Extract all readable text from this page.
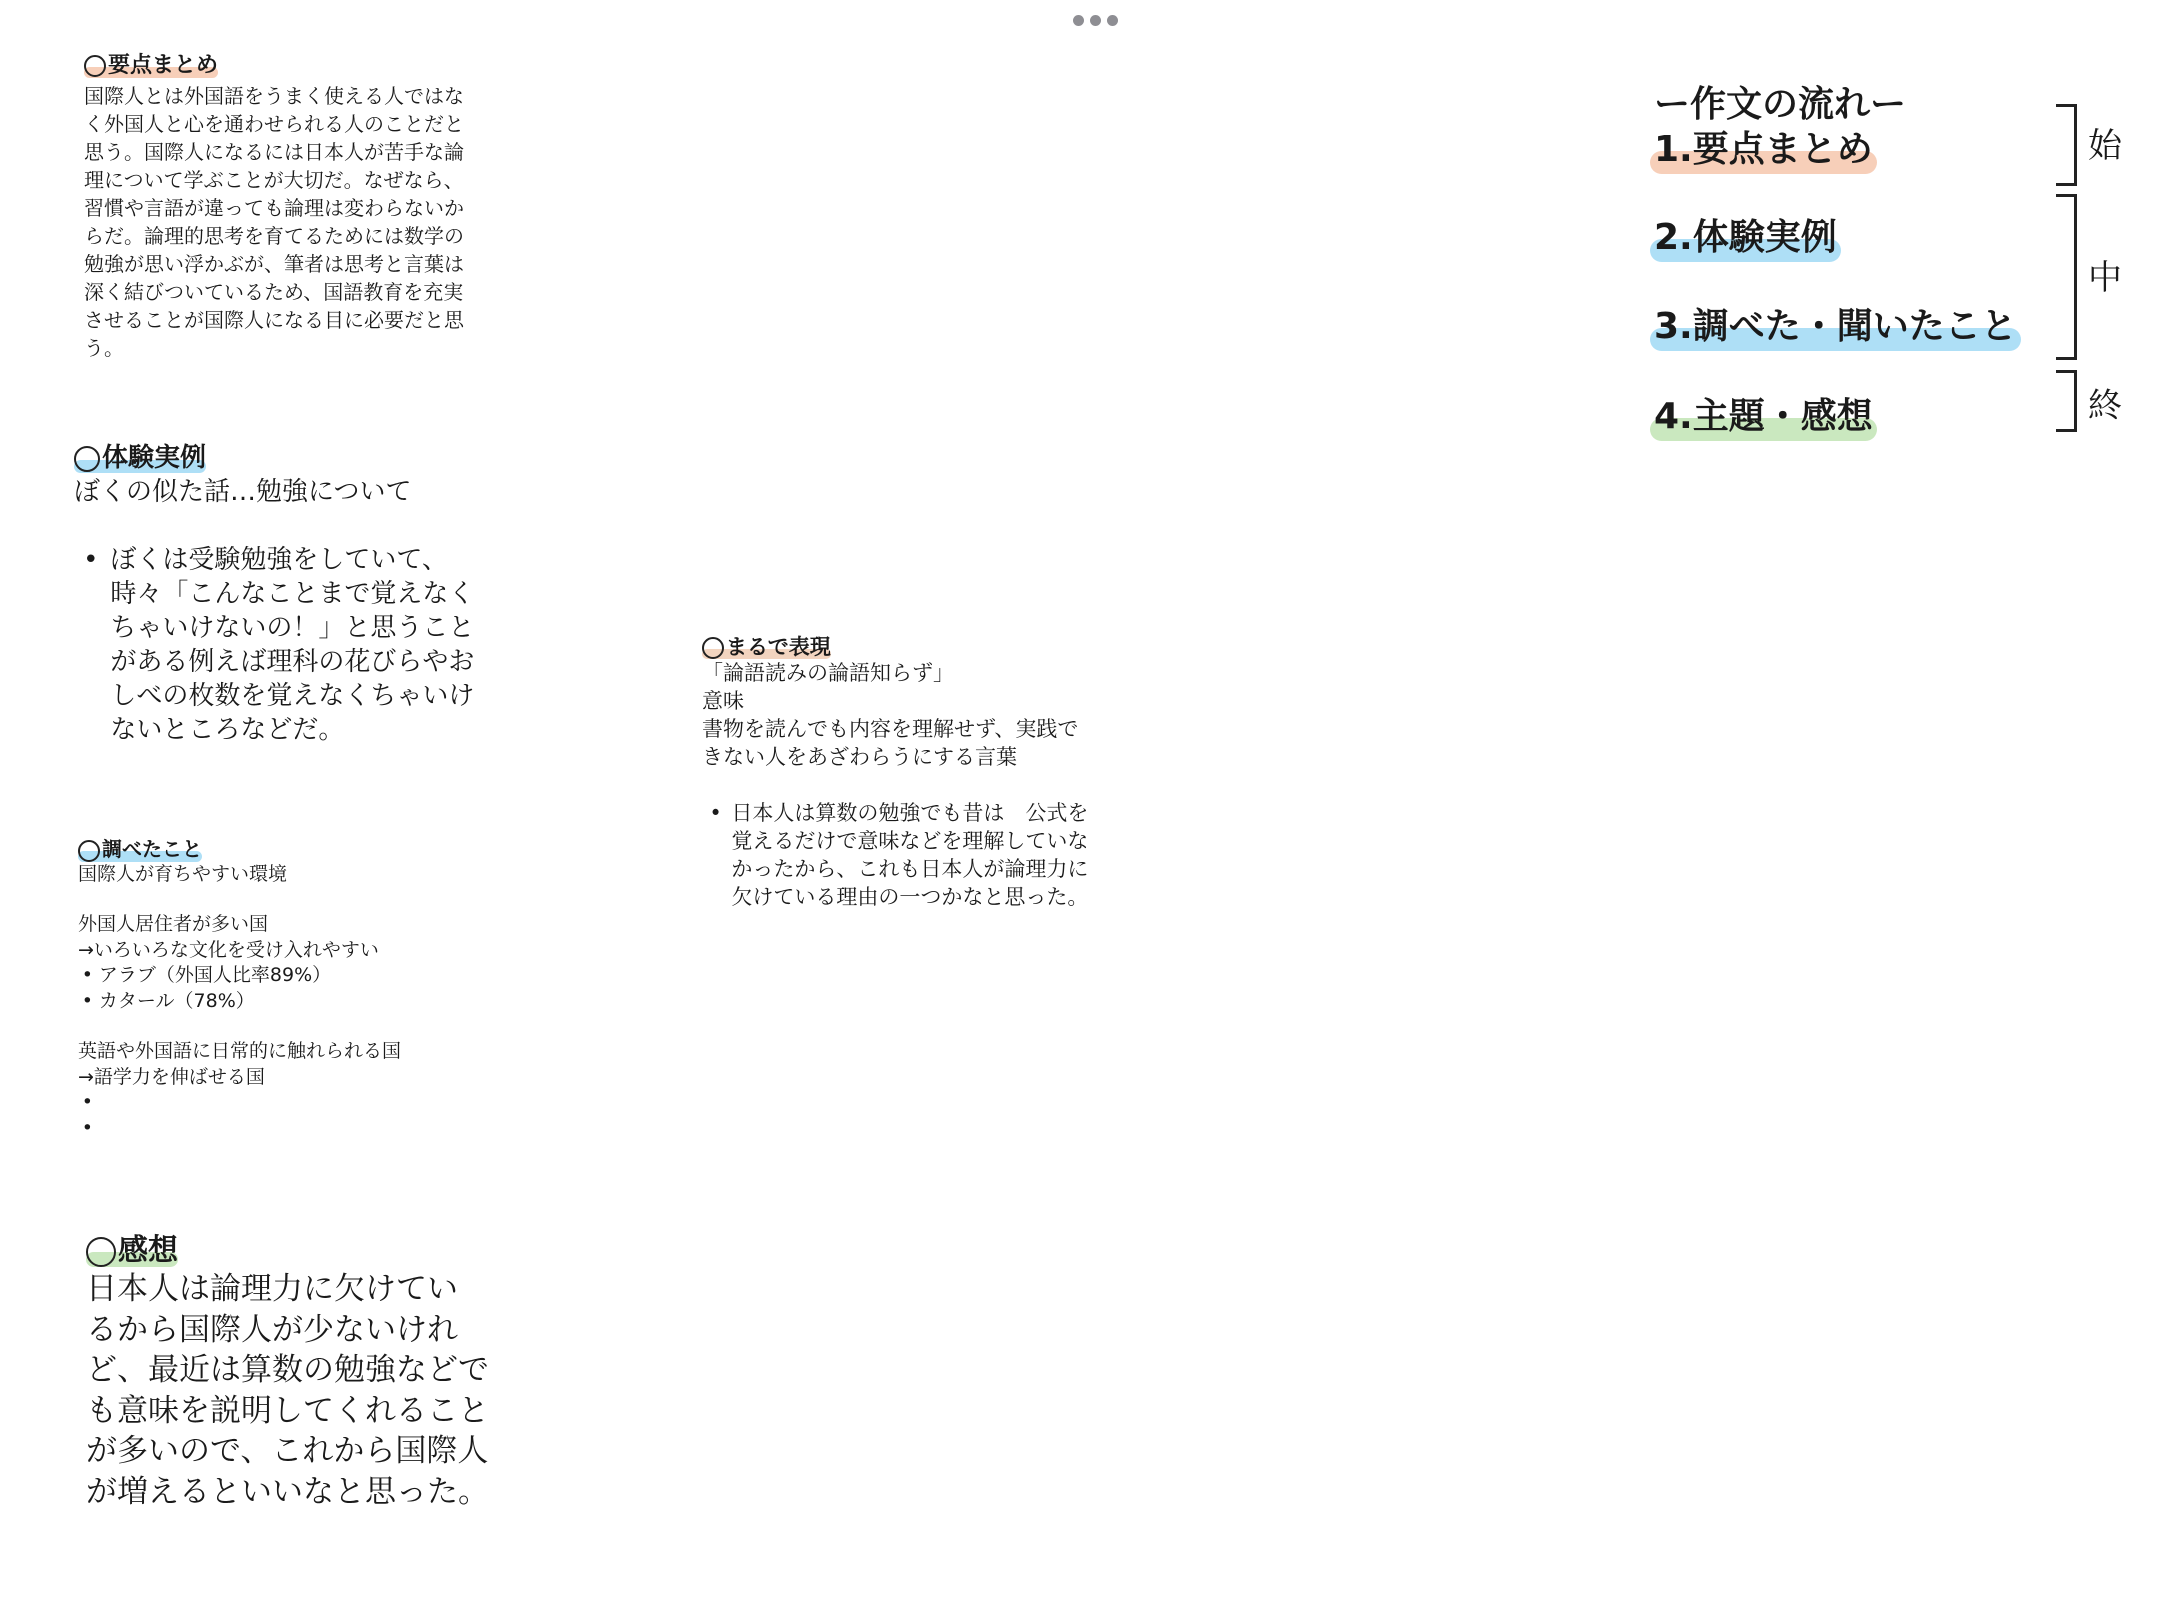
要点まとめ

国際人とは外国語をうまく使える人ではな
く外国人と心を通わせられる人のことだと
思う。国際人になるには日本人が苦手な論
理について学ぶことが大切だ。なぜなら、
習慣や言語が違っても論理は変わらないか
らだ。論理的思考を育てるためには数学の
勉強が思い浮かぶが、筆者は思考と言葉は
深く結びついているため、国語教育を充実
させることが国際人になる目に必要だと思
う。

体験実例

ぼくの似た話…勉強について

• ぼくは受験勉強をしていて、
時々「こんなことまで覚えなく
ちゃいけないの！」と思うこと
がある例えば理科の花びらやお
しべの枚数を覚えなくちゃいけ
ないところなどだ。
調べたこと
国際人が育ちやすい環境
外国人居住者が多い国
→いろいろな文化を受け入れやすい
• アラブ（外国人比率89%）
• カタール（78%）
英語や外国語に日常的に触れられる国
→語学力を伸ばせる国
•
•
感想

日本人は論理力に欠けてい
るから国際人が少ないけれ
ど、最近は算数の勉強などで
も意味を説明してくれること
が多いので、これから国際人
が増えるといいなと思った。

まるで表現
「論語読みの論語知らず」
意味
書物を読んでも内容を理解せず、実践で
きない人をあざわらうにする言葉
• 日本人は算数の勉強でも昔は　公式を
覚えるだけで意味などを理解していな
かったから、これも日本人が論理力に
欠けている理由の一つかなと思った。
ー作文の流れー
1.要点まとめ
2.体験実例
3.調べた・聞いたこと
4.主題・感想
始
中
終
